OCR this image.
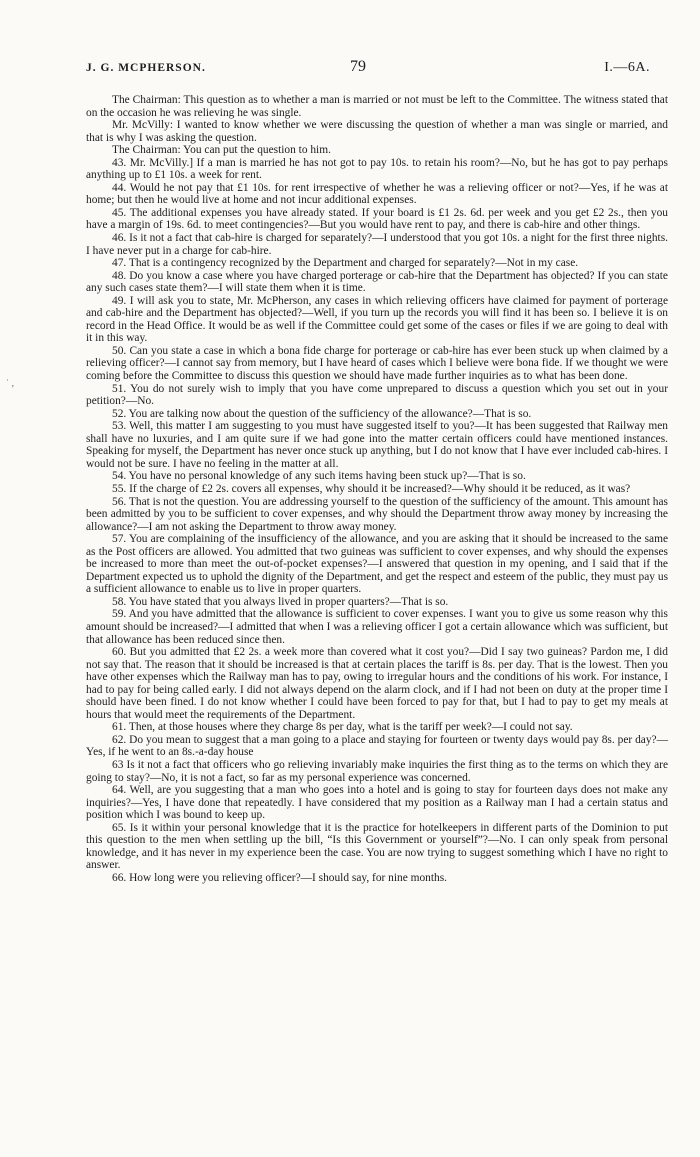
J. G. MCPHERSON.	79	I.—6A.
˙ ‚

The Chairman: This question as to whether a man is married or not must be left to the Committee. The witness stated that on the occasion he was relieving he was single.

Mr. McVilly: I wanted to know whether we were discussing the question of whether a man was single or married, and that is why I was asking the question.

The Chairman: You can put the question to him.

43. Mr. McVilly.] If a man is married he has not got to pay 10s. to retain his room?—No, but he has got to pay perhaps anything up to £1 10s. a week for rent.

44. Would he not pay that £1 10s. for rent irrespective of whether he was a relieving officer or not?—Yes, if he was at home; but then he would live at home and not incur additional expenses.

45. The additional expenses you have already stated. If your board is £1 2s. 6d. per week and you get £2 2s., then you have a margin of 19s. 6d. to meet contingencies?—But you would have rent to pay, and there is cab-hire and other things.

46. Is it not a fact that cab-hire is charged for separately?—I understood that you got 10s. a night for the first three nights. I have never put in a charge for cab-hire.

47. That is a contingency recognized by the Department and charged for separately?—Not in my case.

48. Do you know a case where you have charged porterage or cab-hire that the Department has objected? If you can state any such cases state them?—I will state them when it is time.

49. I will ask you to state, Mr. McPherson, any cases in which relieving officers have claimed for payment of porterage and cab-hire and the Department has objected?—Well, if you turn up the records you will find it has been so. I believe it is on record in the Head Office. It would be as well if the Committee could get some of the cases or files if we are going to deal with it in this way.

50. Can you state a case in which a bona fide charge for porterage or cab-hire has ever been stuck up when claimed by a relieving officer?—I cannot say from memory, but I have heard of cases which I believe were bona fide. If we thought we were coming before the Committee to discuss this question we should have made further inquiries as to what has been done.

51. You do not surely wish to imply that you have come unprepared to discuss a question which you set out in your petition?—No.

52. You are talking now about the question of the sufficiency of the allowance?—That is so.

53. Well, this matter I am suggesting to you must have suggested itself to you?—It has been suggested that Railway men shall have no luxuries, and I am quite sure if we had gone into the matter certain officers could have mentioned instances. Speaking for myself, the Department has never once stuck up anything, but I do not know that I have ever included cab-hires. I would not be sure. I have no feeling in the matter at all.

54. You have no personal knowledge of any such items having been stuck up?—That is so.

55. If the charge of £2 2s. covers all expenses, why should it be increased?—Why should it be reduced, as it was?

56. That is not the question. You are addressing yourself to the question of the sufficiency of the amount. This amount has been admitted by you to be sufficient to cover expenses, and why should the Department throw away money by increasing the allowance?—I am not asking the Department to throw away money.

57. You are complaining of the insufficiency of the allowance, and you are asking that it should be increased to the same as the Post officers are allowed. You admitted that two guineas was sufficient to cover expenses, and why should the expenses be increased to more than meet the out-of-pocket expenses?—I answered that question in my opening, and I said that if the Department expected us to uphold the dignity of the Department, and get the respect and esteem of the public, they must pay us a sufficient allowance to enable us to live in proper quarters.

58. You have stated that you always lived in proper quarters?—That is so.

59. And you have admitted that the allowance is sufficient to cover expenses. I want you to give us some reason why this amount should be increased?—I admitted that when I was a relieving officer I got a certain allowance which was sufficient, but that allowance has been reduced since then.

60. But you admitted that £2 2s. a week more than covered what it cost you?—Did I say two guineas? Pardon me, I did not say that. The reason that it should be increased is that at certain places the tariff is 8s. per day. That is the lowest. Then you have other expenses which the Railway man has to pay, owing to irregular hours and the conditions of his work. For instance, I had to pay for being called early. I did not always depend on the alarm clock, and if I had not been on duty at the proper time I should have been fined. I do not know whether I could have been forced to pay for that, but I had to pay to get my meals at hours that would meet the requirements of the Department.

61. Then, at those houses where they charge 8s per day, what is the tariff per week?—I could not say.

62. Do you mean to suggest that a man going to a place and staying for fourteen or twenty days would pay 8s. per day?—Yes, if he went to an 8s.-a-day house

63 Is it not a fact that officers who go relieving invariably make inquiries the first thing as to the terms on which they are going to stay?—No, it is not a fact, so far as my personal experience was concerned.

64. Well, are you suggesting that a man who goes into a hotel and is going to stay for fourteen days does not make any inquiries?—Yes, I have done that repeatedly. I have considered that my position as a Railway man I had a certain status and position which I was bound to keep up.

65. Is it within your personal knowledge that it is the practice for hotelkeepers in different parts of the Dominion to put this question to the men when settling up the bill, “Is this Government or yourself”?—No. I can only speak from personal knowledge, and it has never in my experience been the case. You are now trying to suggest something which I have no right to answer.

66. How long were you relieving officer?—I should say, for nine months.
